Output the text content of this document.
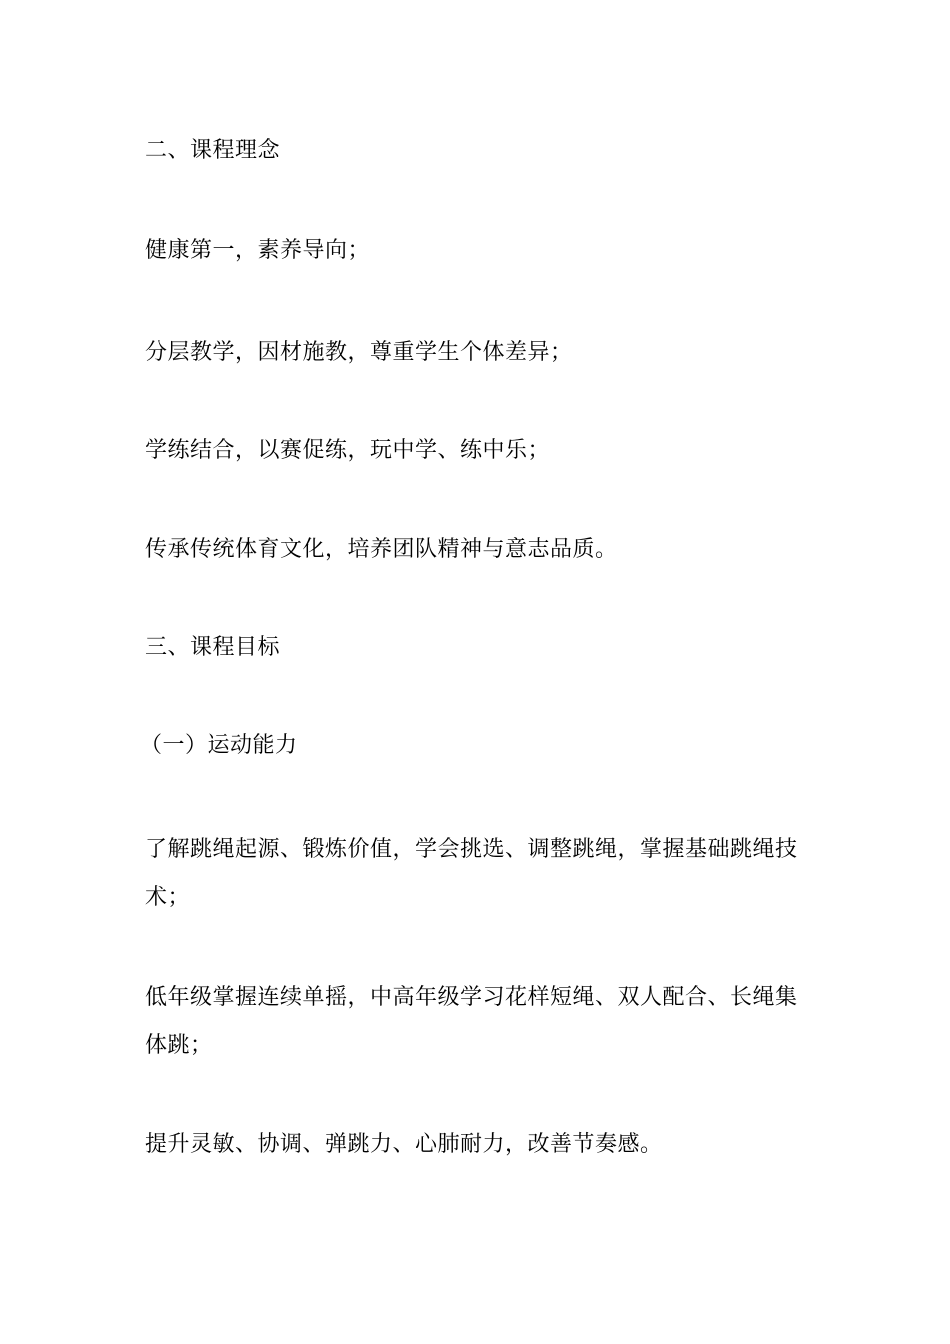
二、课程理念

健康第一，素养导向；

分层教学，因材施教，尊重学生个体差异；

学练结合，以赛促练，玩中学、练中乐；

传承传统体育文化，培养团队精神与意志品质。

三、课程目标

（一）运动能力

了解跳绳起源、锻炼价值，学会挑选、调整跳绳，掌握基础跳绳技

术；

低年级掌握连续单摇，中高年级学习花样短绳、双人配合、长绳集

体跳；

提升灵敏、协调、弹跳力、心肺耐力，改善节奏感。
